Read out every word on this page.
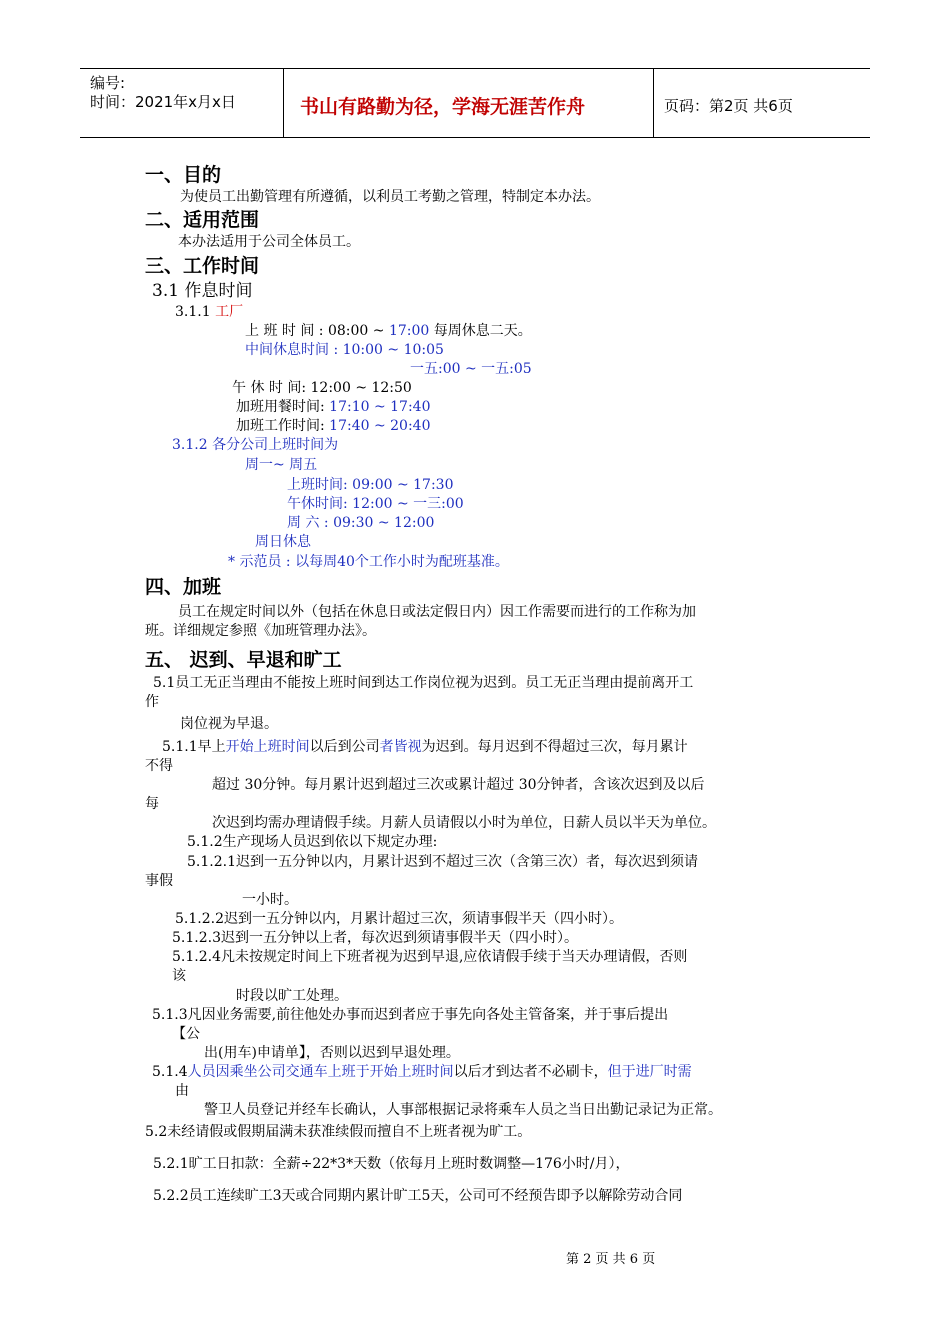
编号:
时间：2021年x月x日	书山有路勤为径，学海无涯苦作舟	页码：第2页 共6页
一、目的
为使员工出勤管理有所遵循，以利员工考勤之管理，特制定本办法。
二、适用范围
本办法适用于公司全体员工。
三、工作时间
3.1 作息时间
3.1.1 工厂
上 班 时 间 : 08:00 ~ 17:00 每周休息二天。
中间休息时间 : 10:00 ~ 10:05
一五:00 ~ 一五:05
午 休 时 间: 12:00 ~ 12:50
加班用餐时间: 17:10 ~ 17:40
加班工作时间: 17:40 ~ 20:40
3.1.2 各分公司上班时间为
周一~ 周五
上班时间: 09:00 ~ 17:30
午休时间: 12:00 ~ 一三:00
周 六 : 09:30 ~ 12:00
周日休息
* 示范员 : 以每周40个工作小时为配班基准。
四、加班
员工在规定时间以外（包括在休息日或法定假日内）因工作需要而进行的工作称为加
班。详细规定参照《加班管理办法》。
五、 迟到、早退和旷工
5.1员工无正当理由不能按上班时间到达工作岗位视为迟到。员工无正当理由提前离开工
作
岗位视为早退。
5.1.1早上开始上班时间以后到公司者皆视为迟到。每月迟到不得超过三次，每月累计
不得
超过 30分钟。每月累计迟到超过三次或累计超过 30分钟者，含该次迟到及以后
每
次迟到均需办理请假手续。月薪人员请假以小时为单位，日薪人员以半天为单位。
5.1.2生产现场人员迟到依以下规定办理:
5.1.2.1迟到一五分钟以内，月累计迟到不超过三次（含第三次）者，每次迟到须请
事假
一小时。
5.1.2.2迟到一五分钟以内，月累计超过三次，须请事假半天（四小时）。
5.1.2.3迟到一五分钟以上者，每次迟到须请事假半天（四小时）。
5.1.2.4凡未按规定时间上下班者视为迟到早退,应依请假手续于当天办理请假，否则
该
时段以旷工处理。
5.1.3凡因业务需要,前往他处办事而迟到者应于事先向各处主管备案，并于事后提出
【公
出(用车)申请单】，否则以迟到早退处理。
5.1.4人员因乘坐公司交通车上班于开始上班时间以后才到达者不必刷卡，但于进厂时需
由
警卫人员登记并经车长确认，人事部根据记录将乘车人员之当日出勤记录记为正常。
5.2未经请假或假期届满未获准续假而擅自不上班者视为旷工。
5.2.1旷工日扣款：全薪÷22*3*天数（依每月上班时数调整—176小时/月），
5.2.2员工连续旷工3天或合同期内累计旷工5天，公司可不经预告即予以解除劳动合同
第 2 页 共 6 页
